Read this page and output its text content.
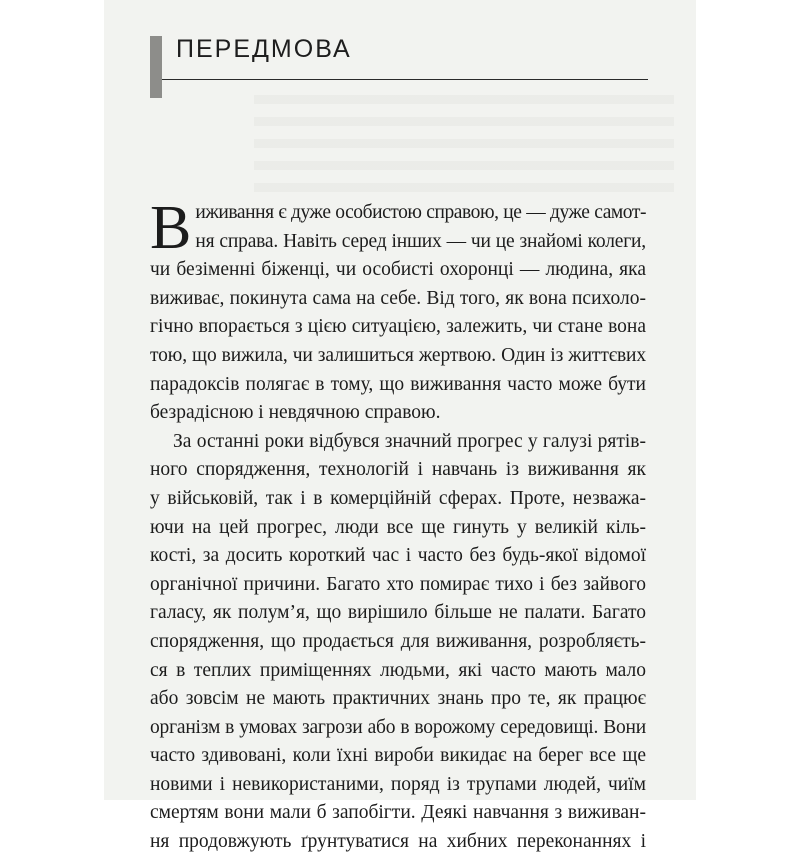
ПЕРЕДМОВА

В иживання є дуже особистою справою, це — дуже самот-
ня справа. Навіть серед інших — чи це знайомі колеги,
чи безіменні біженці, чи особисті охоронці — людина, яка
виживає, покинута сама на себе. Від того, як вона психоло-
гічно впорається з цією ситуацією, залежить, чи стане вона
тою, що вижила, чи залишиться жертвою. Один із життєвих
парадоксів полягає в тому, що виживання часто може бути
безрадісною і невдячною справою.

За останні роки відбувся значний прогрес у галузі рятів-
ного спорядження, технологій і навчань із виживання як
у військовій, так і в комерційній сферах. Проте, незважа-
ючи на цей прогрес, люди все ще гинуть у великій кіль-
кості, за досить короткий час і часто без будь-якої відомої
органічної причини. Багато хто помирає тихо і без зайвого
галасу, як полум’я, що вирішило більше не палати. Багато
спорядження, що продається для виживання, розробляєть-
ся в теплих приміщеннях людьми, які часто мають мало
або зовсім не мають практичних знань про те, як працює
організм в умовах загрози або в ворожому середовищі. Вони
часто здивовані, коли їхні вироби викидає на берег все ще
новими і невикористаними, поряд із трупами людей, чиїм
смертям вони мали б запобігти. Деякі навчання з виживан-
ня продовжують ґрунтуватися на хибних переконаннях і
